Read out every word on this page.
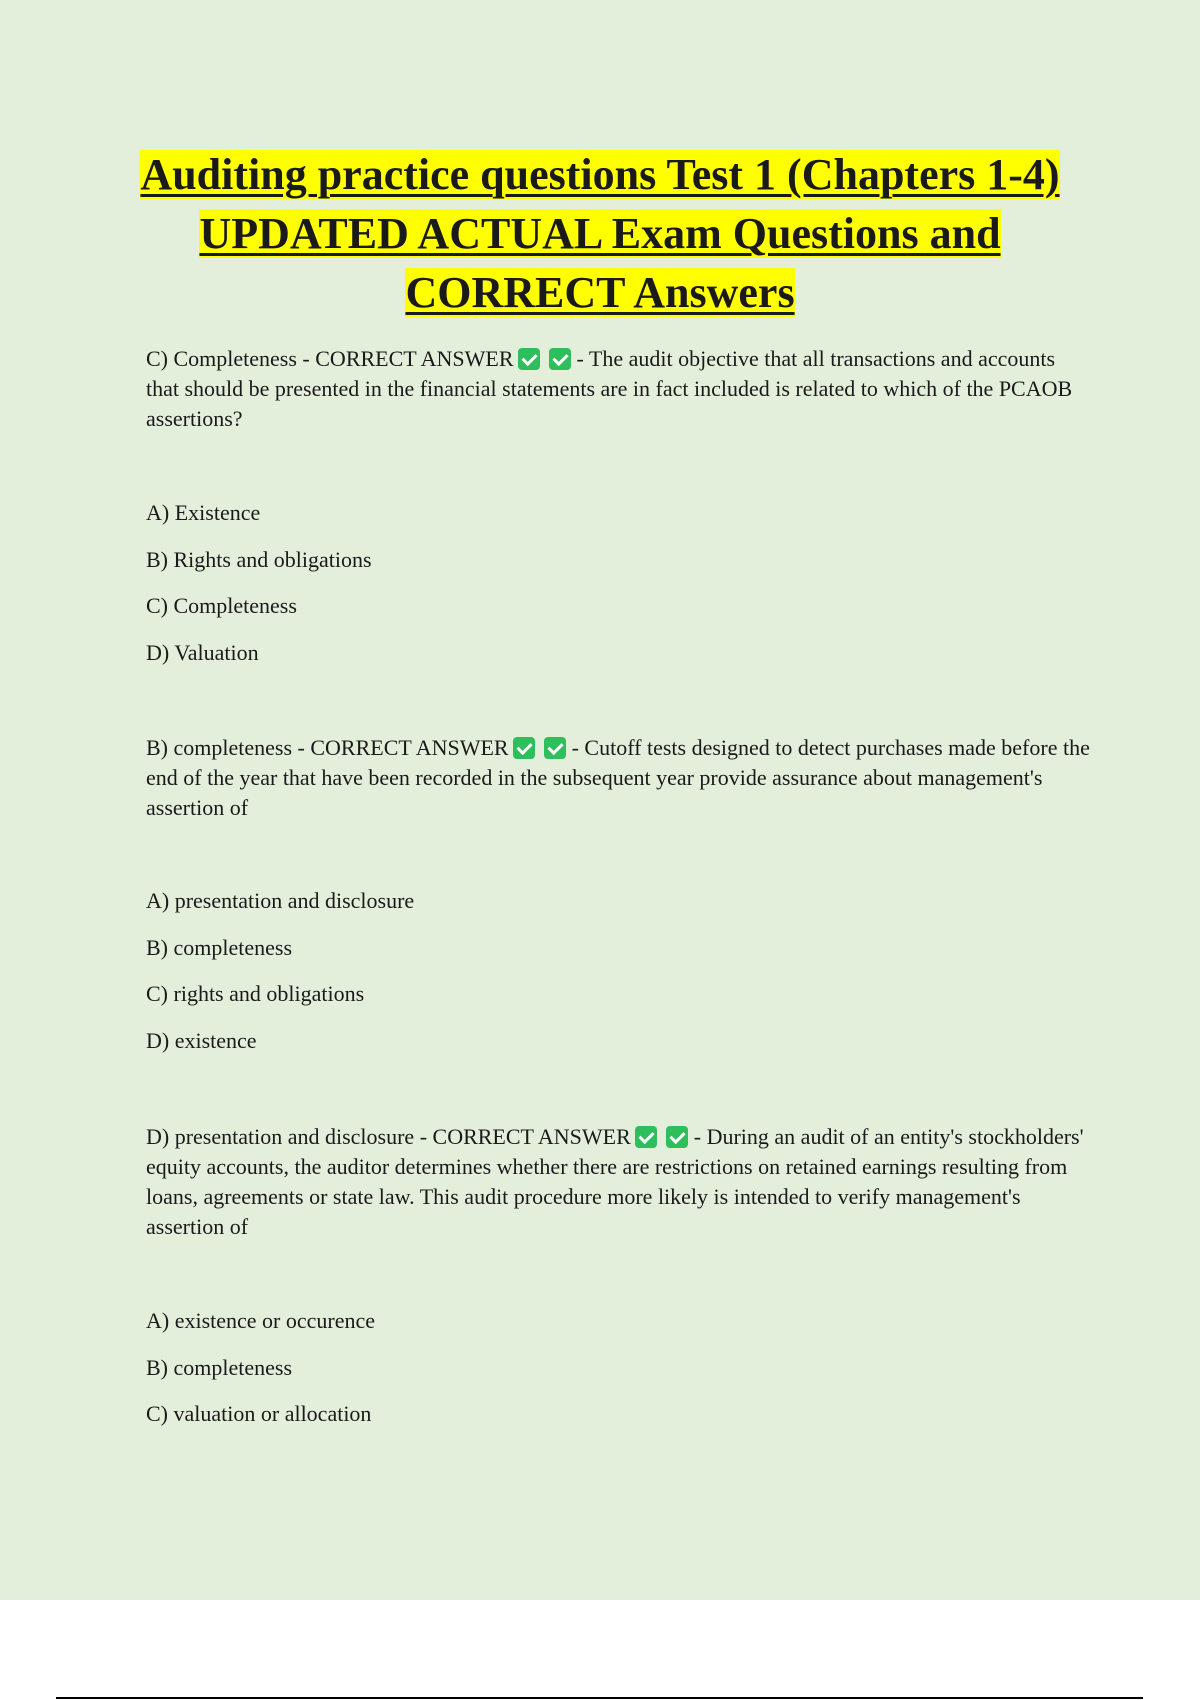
Auditing practice questions Test 1 (Chapters 1-4) UPDATED ACTUAL Exam Questions and CORRECT Answers
C) Completeness - CORRECT ANSWER	- The audit objective that all transactions and accounts that should be presented in the financial statements are in fact included is related to which of the PCAOB assertions?
A) Existence
B) Rights and obligations
C) Completeness
D) Valuation
B) completeness - CORRECT ANSWER	- Cutoff tests designed to detect purchases made before the end of the year that have been recorded in the subsequent year provide assurance about management's assertion of
A) presentation and disclosure
B) completeness
C) rights and obligations
D) existence
D) presentation and disclosure - CORRECT ANSWER	- During an audit of an entity's stockholders' equity accounts, the auditor determines whether there are restrictions on retained earnings resulting from loans, agreements or state law. This audit procedure more likely is intended to verify management's assertion of
A) existence or occurence
B) completeness
C) valuation or allocation
